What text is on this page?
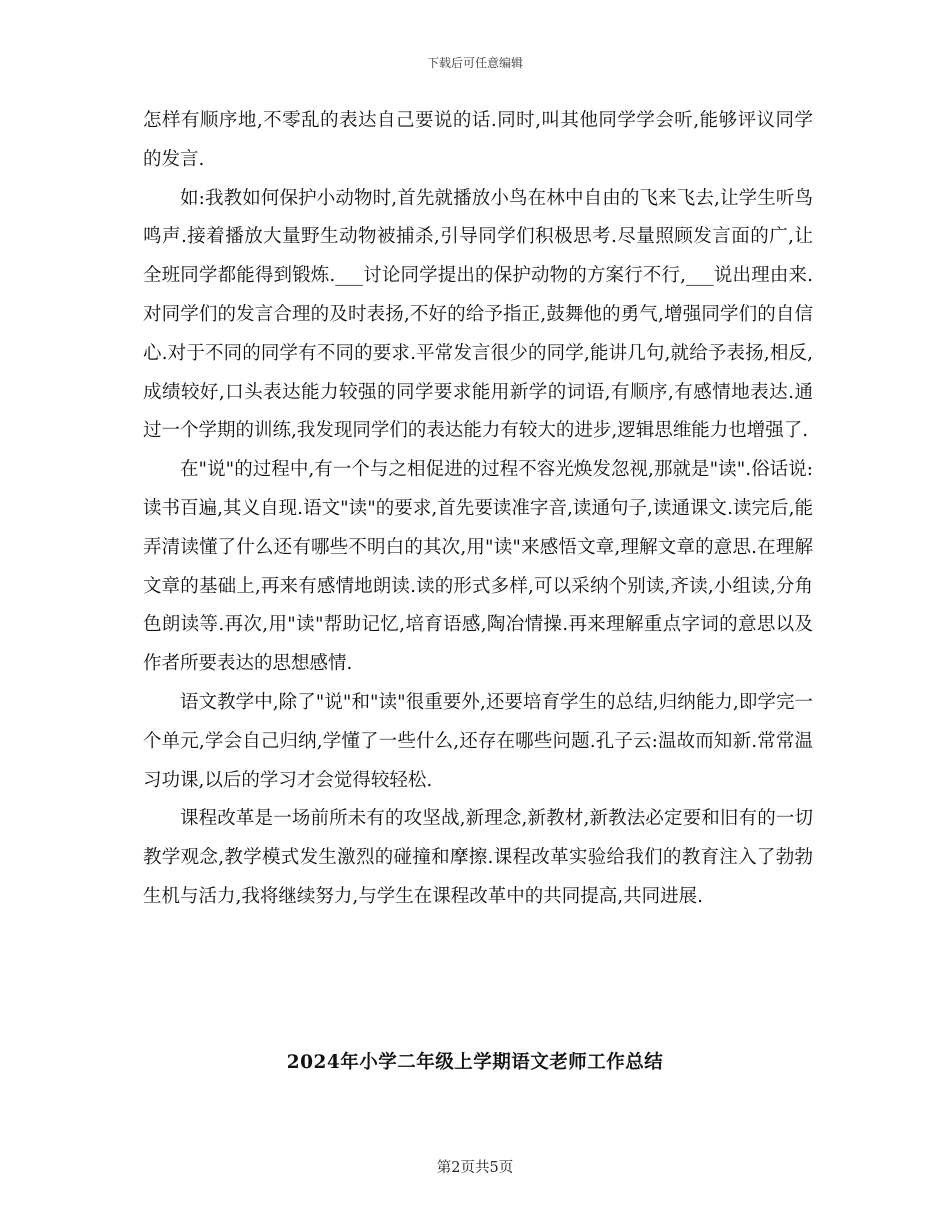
下载后可任意编辑

怎样有顺序地,不零乱的表达自己要说的话.同时,叫其他同学学会听,能够评议同学的发言.

如:我教如何保护小动物时,首先就播放小鸟在林中自由的飞来飞去,让学生听鸟鸣声.接着播放大量野生动物被捕杀,引导同学们积极思考.尽量照顾发言面的广,让全班同学都能得到锻炼.___讨论同学提出的保护动物的方案行不行,___说出理由来.对同学们的发言合理的及时表扬,不好的给予指正,鼓舞他的勇气,增强同学们的自信心.对于不同的同学有不同的要求.平常发言很少的同学,能讲几句,就给予表扬,相反,成绩较好,口头表达能力较强的同学要求能用新学的词语,有顺序,有感情地表达.通过一个学期的训练,我发现同学们的表达能力有较大的进步,逻辑思维能力也增强了.

在"说"的过程中,有一个与之相促进的过程不容光焕发忽视,那就是"读".俗话说:读书百遍,其义自现.语文"读"的要求,首先要读准字音,读通句子,读通课文.读完后,能弄清读懂了什么还有哪些不明白的其次,用"读"来感悟文章,理解文章的意思.在理解文章的基础上,再来有感情地朗读.读的形式多样,可以采纳个别读,齐读,小组读,分角色朗读等.再次,用"读"帮助记忆,培育语感,陶冶情操.再来理解重点字词的意思以及作者所要表达的思想感情.

语文教学中,除了"说"和"读"很重要外,还要培育学生的总结,归纳能力,即学完一个单元,学会自己归纳,学懂了一些什么,还存在哪些问题.孔子云:温故而知新.常常温习功课,以后的学习才会觉得较轻松.

课程改革是一场前所未有的攻坚战,新理念,新教材,新教法必定要和旧有的一切教学观念,教学模式发生激烈的碰撞和摩擦.课程改革实验给我们的教育注入了勃勃生机与活力,我将继续努力,与学生在课程改革中的共同提高,共同进展.

2024年小学二年级上学期语文老师工作总结
第2页共5页
